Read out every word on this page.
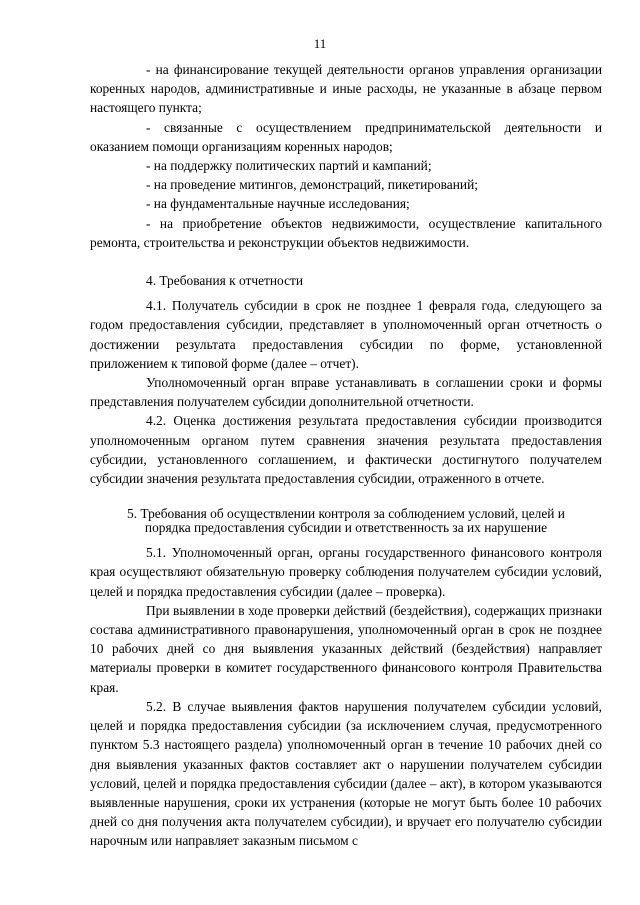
11

- на финансирование текущей деятельности органов управления организации коренных народов, административные и иные расходы, не указанные в абзаце первом настоящего пункта;

- связанные с осуществлением предпринимательской деятельности и оказанием помощи организациям коренных народов;

- на поддержку политических партий и кампаний;

- на проведение митингов, демонстраций, пикетирований;

- на фундаментальные научные исследования;

- на приобретение объектов недвижимости, осуществление капитального ремонта, строительства и реконструкции объектов недвижимости.

4. Требования к отчетности

4.1. Получатель субсидии в срок не позднее 1 февраля года, следующего за годом предоставления субсидии, представляет в уполномоченный орган отчетность о достижении результата предоставления субсидии по форме, установленной приложением к типовой форме (далее – отчет).

Уполномоченный орган вправе устанавливать в соглашении сроки и формы представления получателем субсидии дополнительной отчетности.

4.2. Оценка достижения результата предоставления субсидии производится уполномоченным органом путем сравнения значения результата предоставления субсидии, установленного соглашением, и фактически достигнутого получателем субсидии значения результата предоставления субсидии, отраженного в отчете.

5. Требования об осуществлении контроля за соблюдением условий, целей и порядка предоставления субсидии и ответственность за их нарушение

5.1. Уполномоченный орган, органы государственного финансового контроля края осуществляют обязательную проверку соблюдения получателем субсидии условий, целей и порядка предоставления субсидии (далее – проверка).

При выявлении в ходе проверки действий (бездействия), содержащих признаки состава административного правонарушения, уполномоченный орган в срок не позднее 10 рабочих дней со дня выявления указанных действий (бездействия) направляет материалы проверки в комитет государственного финансового контроля Правительства края.

5.2. В случае выявления фактов нарушения получателем субсидии условий, целей и порядка предоставления субсидии (за исключением случая, предусмотренного пунктом 5.3 настоящего раздела) уполномоченный орган в течение 10 рабочих дней со дня выявления указанных фактов составляет акт о нарушении получателем субсидии условий, целей и порядка предоставления субсидии (далее – акт), в котором указываются выявленные нарушения, сроки их устранения (которые не могут быть более 10 рабочих дней со дня получения акта получателем субсидии), и вручает его получателю субсидии нарочным или направляет заказным письмом с
